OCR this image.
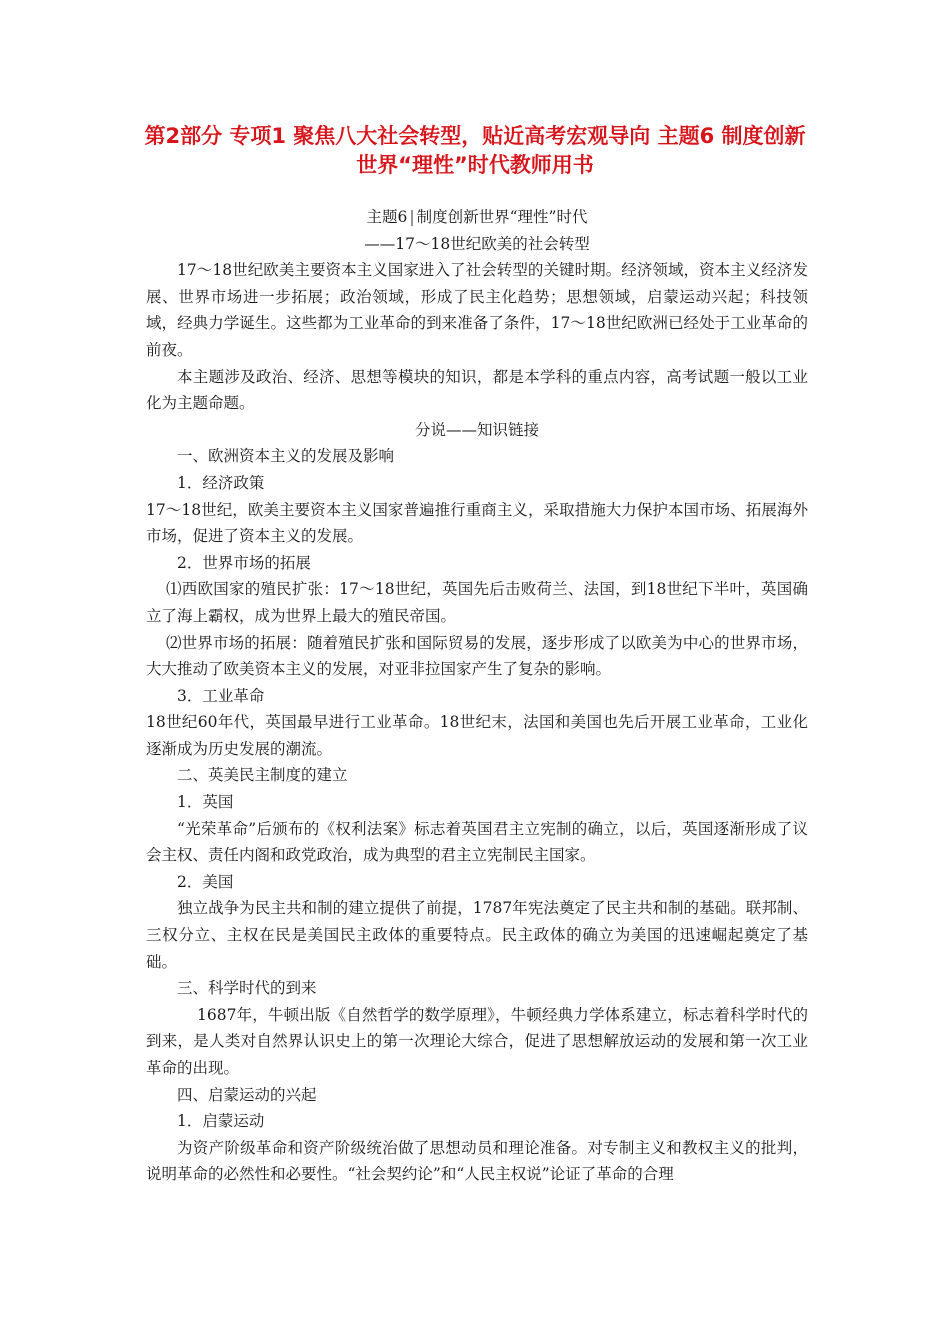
第2部分 专项1 聚焦八大社会转型，贴近高考宏观导向 主题6 制度创新世界“理性”时代教师用书

主题6 | 制度创新世界“理性”时代

——17～18世纪欧美的社会转型

17～18世纪欧美主要资本主义国家进入了社会转型的关键时期。经济领域，资本主义经济发展、世界市场进一步拓展；政治领域，形成了民主化趋势；思想领域，启蒙运动兴起；科技领域，经典力学诞生。这些都为工业革命的到来准备了条件，17～18世纪欧洲已经处于工业革命的前夜。

本主题涉及政治、经济、思想等模块的知识，都是本学科的重点内容，高考试题一般以工业化为主题命题。

分说——知识链接

一、欧洲资本主义的发展及影响

1．经济政策

17～18世纪，欧美主要资本主义国家普遍推行重商主义，采取措施大力保护本国市场、拓展海外市场，促进了资本主义的发展。

2．世界市场的拓展

⑴西欧国家的殖民扩张：17～18世纪，英国先后击败荷兰、法国，到18世纪下半叶，英国确立了海上霸权，成为世界上最大的殖民帝国。

⑵世界市场的拓展：随着殖民扩张和国际贸易的发展，逐步形成了以欧美为中心的世界市场，大大推动了欧美资本主义的发展，对亚非拉国家产生了复杂的影响。

3．工业革命

18世纪60年代，英国最早进行工业革命。18世纪末，法国和美国也先后开展工业革命，工业化逐渐成为历史发展的潮流。

二、英美民主制度的建立

1．英国

“光荣革命”后颁布的《权利法案》标志着英国君主立宪制的确立，以后，英国逐渐形成了议会主权、责任内阁和政党政治，成为典型的君主立宪制民主国家。

2．美国

独立战争为民主共和制的建立提供了前提，1787年宪法奠定了民主共和制的基础。联邦制、三权分立、主权在民是美国民主政体的重要特点。民主政体的确立为美国的迅速崛起奠定了基础。

三、科学时代的到来

1687年，牛顿出版《自然哲学的数学原理》，牛顿经典力学体系建立，标志着科学时代的到来，是人类对自然界认识史上的第一次理论大综合，促进了思想解放运动的发展和第一次工业革命的出现。

四、启蒙运动的兴起

1．启蒙运动

为资产阶级革命和资产阶级统治做了思想动员和理论准备。对专制主义和教权主义的批判，说明革命的必然性和必要性。“社会契约论”和“人民主权说”论证了革命的合理
